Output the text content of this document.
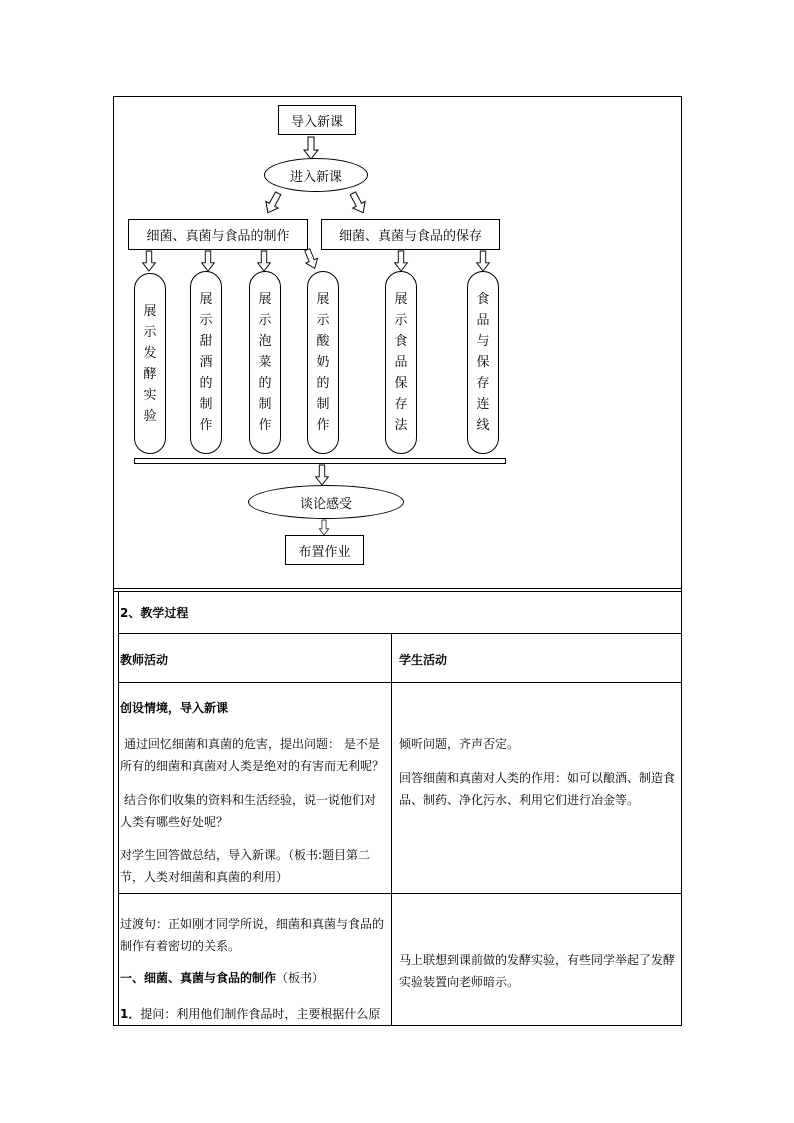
导入新课
进入新课
细菌、真菌与食品的制作	细菌、真菌与食品的保存
展
示
发
酵
实
验
展
示
甜
酒
的
制
作
展
示
泡
菜
的
制
作
展
示
酸
奶
的
制
作
展
示
食
品
保
存
法
食
品
与
保
存
连
线
谈论感受
布置作业
2、教学过程
教师活动	学生活动
创设情境，导入新课
通过回忆细菌和真菌的危害，提出问题： 是不是所有的细菌和真菌对人类是绝对的有害而无利呢？
结合你们收集的资料和生活经验，说一说他们对人类有哪些好处呢？
对学生回答做总结，导入新课。（板书:题目第二节，人类对细菌和真菌的利用）
倾听问题，齐声否定。
回答细菌和真菌对人类的作用：如可以酿酒、制造食品、制药、净化污水、利用它们进行冶金等。
过渡句：正如刚才同学所说，细菌和真菌与食品的制作有着密切的关系。
一、细菌、真菌与食品的制作（板书）
1．提问：利用他们制作食品时，主要根据什么原
马上联想到课前做的发酵实验，有些同学举起了发酵实验装置向老师暗示。
